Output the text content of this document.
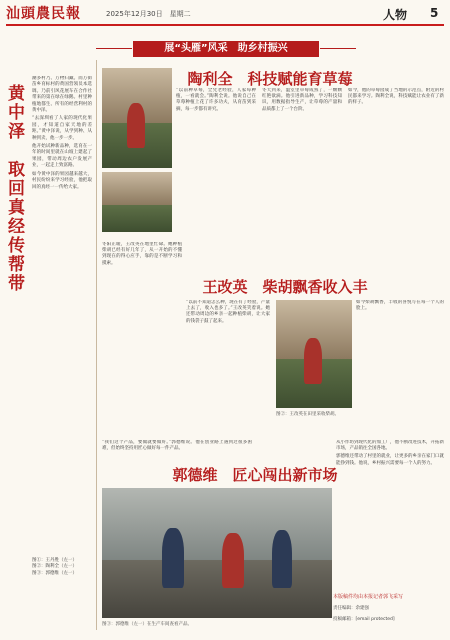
汕頭農民報	2025年12月30日　星期二	人物 5
展“头雁”风采　助乡村振兴
黄中泽　取回真经传帮带

潮多村乃、万物归藏。而万街苗乡育标村的黄国营领员本选调。乃前引风花展车在合作社带来的第在绿在绿鹅。村里种植地都生、所有的经营利村的黄中泽。

“去深圳看了人家的现代化果园，才知道自家天地的差距。”黄中泽说，从学到种、从种到卖，他一步一步。

他开始试种新品种，选育在一年的时间里就在山坡上建起了果园，带动周边农户发展产业，一起走上致富路。

如今黄中泽的果园越来越大，村民纷纷来学习经验，他把取回的真经一一传给大家。

图①：王丹胜（左一）
图②：陶利全（左一）
图③：郭德维（左一）
陶利全　科技赋能育草莓

“以前种草莓，全凭老经验，人家每种植，一看就会。”陶利全说。他说自己在草莓种植上花了许多功夫，从育苗到采摘，每一步都有讲究。

冬天到来，温室里草莓成熟了，一颗颗红艳欲滴。他引进新品种，学习科技知识，用数据指导生产，让草莓的产量和品质都上了一个台阶。

如今，他的草莓园成了当地的示范点，附近的村民都来学习。陶利全说，科技赋能让农业有了新的样子。

王改英　柴胡飘香收入丰

冬阳正暖，王改英在地里忙碌。她种植柴胡已经有好几年了，从一开始的不懂到现在的得心应手，靠的是不断学习和摸索。

“以前不知道怎么种，现在有了经验，产量上去了，收入也多了。”王改英笑着说。她还带动周边的乡亲一起种植柴胡，让大家的钱袋子鼓了起来。

如今柴胡飘香，丰收的喜悦写在每一个人的脸上。

图②：王改英在田里采收柴胡。
郭德维　匠心闯出新市场

“我们这个产品，要做就要做好。”郭德维说。他在创业路上遇到过很多困难，但始终坚持用匠心做好每一件产品。

图③：郭德维（左一）在生产车间查看产品。

从小作坊到现代化的加工厂，他不断改进技术，开拓新市场，产品销往全国各地。

郭德维还带动了村里的就业，让更多的乡亲在家门口就能挣到钱。他说，乡村振兴需要每一个人的努力。

本版稿件均由本报记者郭飞采写
责任编辑：余建强
投稿邮箱：[email protected]
